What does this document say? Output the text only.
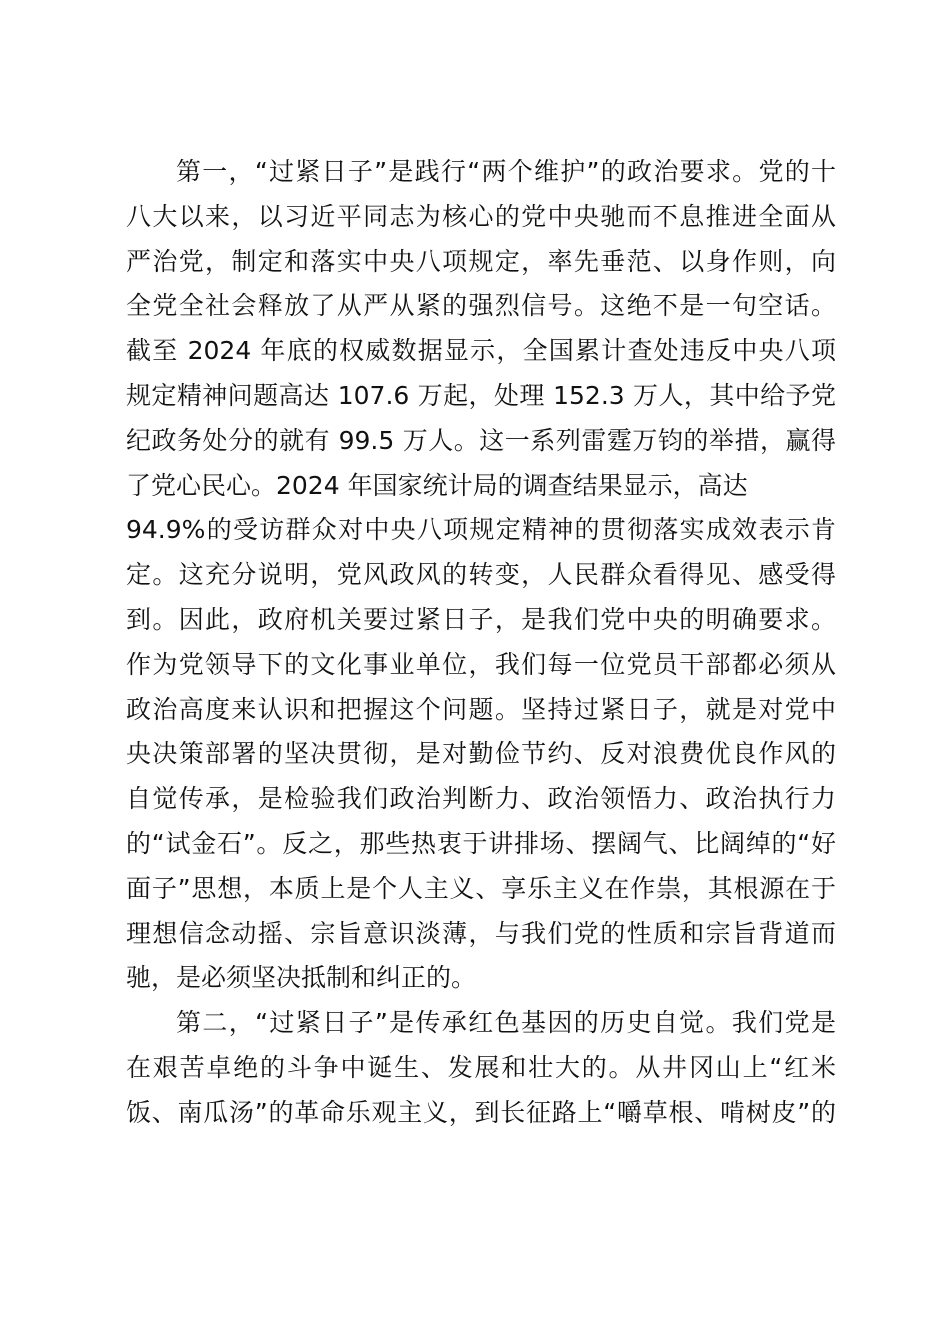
第一，“过紧日子”是践行“两个维护”的政治要求。党的十
八大以来，以习近平同志为核心的党中央驰而不息推进全面从
严治党，制定和落实中央八项规定，率先垂范、以身作则，向
全党全社会释放了从严从紧的强烈信号。这绝不是一句空话。
截至 2024 年底的权威数据显示，全国累计查处违反中央八项
规定精神问题高达 107.6 万起，处理 152.3 万人，其中给予党
纪政务处分的就有 99.5 万人。这一系列雷霆万钧的举措，赢得
了党心民心。2024 年国家统计局的调查结果显示，高达
94.9%的受访群众对中央八项规定精神的贯彻落实成效表示肯
定。这充分说明，党风政风的转变，人民群众看得见、感受得
到。因此，政府机关要过紧日子，是我们党中央的明确要求。
作为党领导下的文化事业单位，我们每一位党员干部都必须从
政治高度来认识和把握这个问题。坚持过紧日子，就是对党中
央决策部署的坚决贯彻，是对勤俭节约、反对浪费优良作风的
自觉传承，是检验我们政治判断力、政治领悟力、政治执行力
的“试金石”。反之，那些热衷于讲排场、摆阔气、比阔绰的“好
面子”思想，本质上是个人主义、享乐主义在作祟，其根源在于
理想信念动摇、宗旨意识淡薄，与我们党的性质和宗旨背道而
驰，是必须坚决抵制和纠正的。
第二，“过紧日子”是传承红色基因的历史自觉。我们党是
在艰苦卓绝的斗争中诞生、发展和壮大的。从井冈山上“红米
饭、南瓜汤”的革命乐观主义，到长征路上“嚼草根、啃树皮”的
